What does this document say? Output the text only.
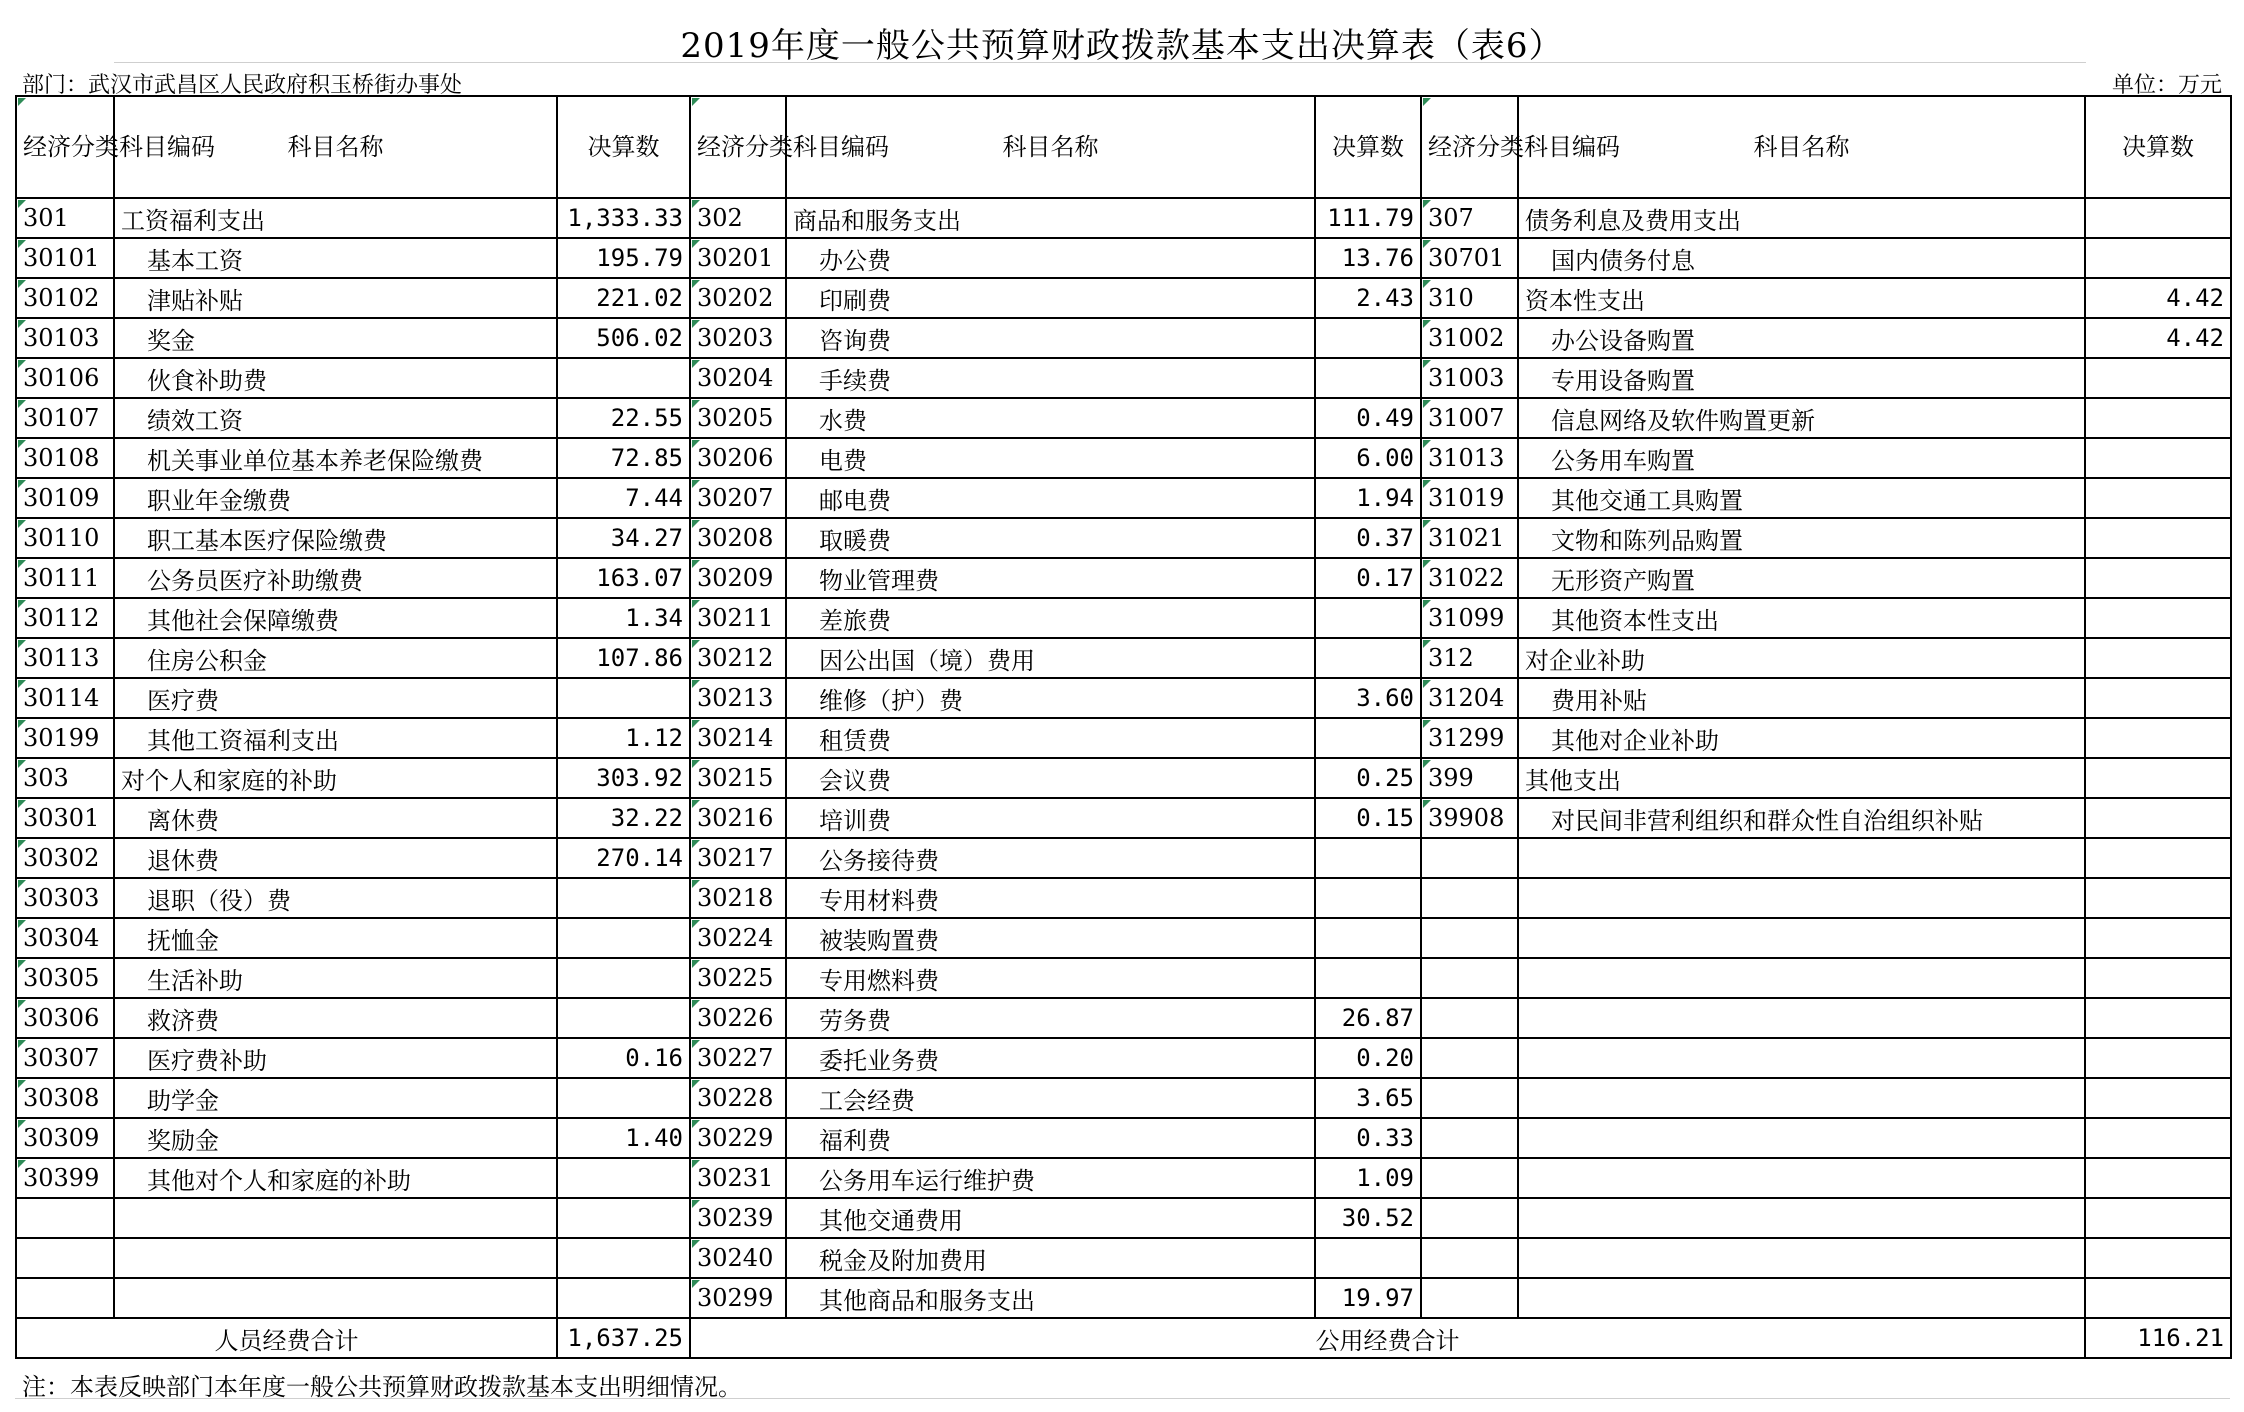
2019年度一般公共预算财政拨款基本支出决算表（表6）
部门：武汉市武昌区人民政府积玉桥街办事处	单位：万元
经济分类科目编码	科目名称	决算数	经济分类科目编码	科目名称	决算数	经济分类科目编码	科目名称	决算数
301	工资福利支出	1,333.33	302	商品和服务支出	111.79	307	债务利息及费用支出	
30101	基本工资	195.79	30201	办公费	13.76	30701	国内债务付息	
30102	津贴补贴	221.02	30202	印刷费	2.43	310	资本性支出	4.42
30103	奖金	506.02	30203	咨询费		31002	办公设备购置	4.42
30106	伙食补助费		30204	手续费		31003	专用设备购置	
30107	绩效工资	22.55	30205	水费	0.49	31007	信息网络及软件购置更新	
30108	机关事业单位基本养老保险缴费	72.85	30206	电费	6.00	31013	公务用车购置	
30109	职业年金缴费	7.44	30207	邮电费	1.94	31019	其他交通工具购置	
30110	职工基本医疗保险缴费	34.27	30208	取暖费	0.37	31021	文物和陈列品购置	
30111	公务员医疗补助缴费	163.07	30209	物业管理费	0.17	31022	无形资产购置	
30112	其他社会保障缴费	1.34	30211	差旅费		31099	其他资本性支出	
30113	住房公积金	107.86	30212	因公出国（境）费用		312	对企业补助	
30114	医疗费		30213	维修（护）费	3.60	31204	费用补贴	
30199	其他工资福利支出	1.12	30214	租赁费		31299	其他对企业补助	
303	对个人和家庭的补助	303.92	30215	会议费	0.25	399	其他支出	
30301	离休费	32.22	30216	培训费	0.15	39908	对民间非营利组织和群众性自治组织补贴	
30302	退休费	270.14	30217	公务接待费				
30303	退职（役）费		30218	专用材料费				
30304	抚恤金		30224	被装购置费				
30305	生活补助		30225	专用燃料费				
30306	救济费		30226	劳务费	26.87			
30307	医疗费补助	0.16	30227	委托业务费	0.20			
30308	助学金		30228	工会经费	3.65			
30309	奖励金	1.40	30229	福利费	0.33			
30399	其他对个人和家庭的补助		30231	公务用车运行维护费	1.09			
			30239	其他交通费用	30.52			
			30240	税金及附加费用				
			30299	其他商品和服务支出	19.97			
人员经费合计		1,637.25	公用经费合计					116.21
注：本表反映部门本年度一般公共预算财政拨款基本支出明细情况。
